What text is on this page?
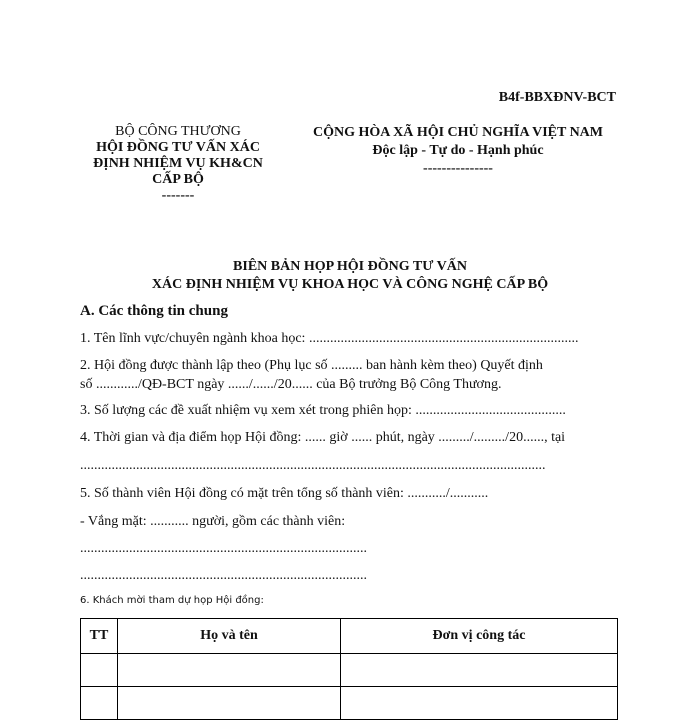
B4f-BBXĐNV-BCT
BỘ CÔNG THƯƠNG
HỘI ĐỒNG TƯ VẤN XÁC
ĐỊNH NHIỆM VỤ KH&CN
CẤP BỘ
-------
CỘNG HÒA XÃ HỘI CHỦ NGHĨA VIỆT NAM
Độc lập - Tự do - Hạnh phúc
---------------
BIÊN BẢN HỌP HỘI ĐỒNG TƯ VẤN
XÁC ĐỊNH NHIỆM VỤ KHOA HỌC VÀ CÔNG NGHỆ CẤP BỘ
A. Các thông tin chung
1. Tên lĩnh vực/chuyên ngành khoa học: .............................................................................
2. Hội đồng được thành lập theo (Phụ lục số ......... ban hành kèm theo) Quyết định
số ............/QĐ-BCT ngày ....../....../20...... của Bộ trưởng Bộ Công Thương.
3. Số lượng các đề xuất nhiệm vụ xem xét trong phiên họp: ...........................................
4. Thời gian và địa điểm họp Hội đồng: ...... giờ ...... phút, ngày ........./........./20......, tại
.....................................................................................................................................
5. Số thành viên Hội đồng có mặt trên tổng số thành viên: .........../...........
- Vắng mặt: ........... người, gồm các thành viên:
..................................................................................
..................................................................................
6. Khách mời tham dự họp Hội đồng:
TT	Họ và tên	Đơn vị công tác
